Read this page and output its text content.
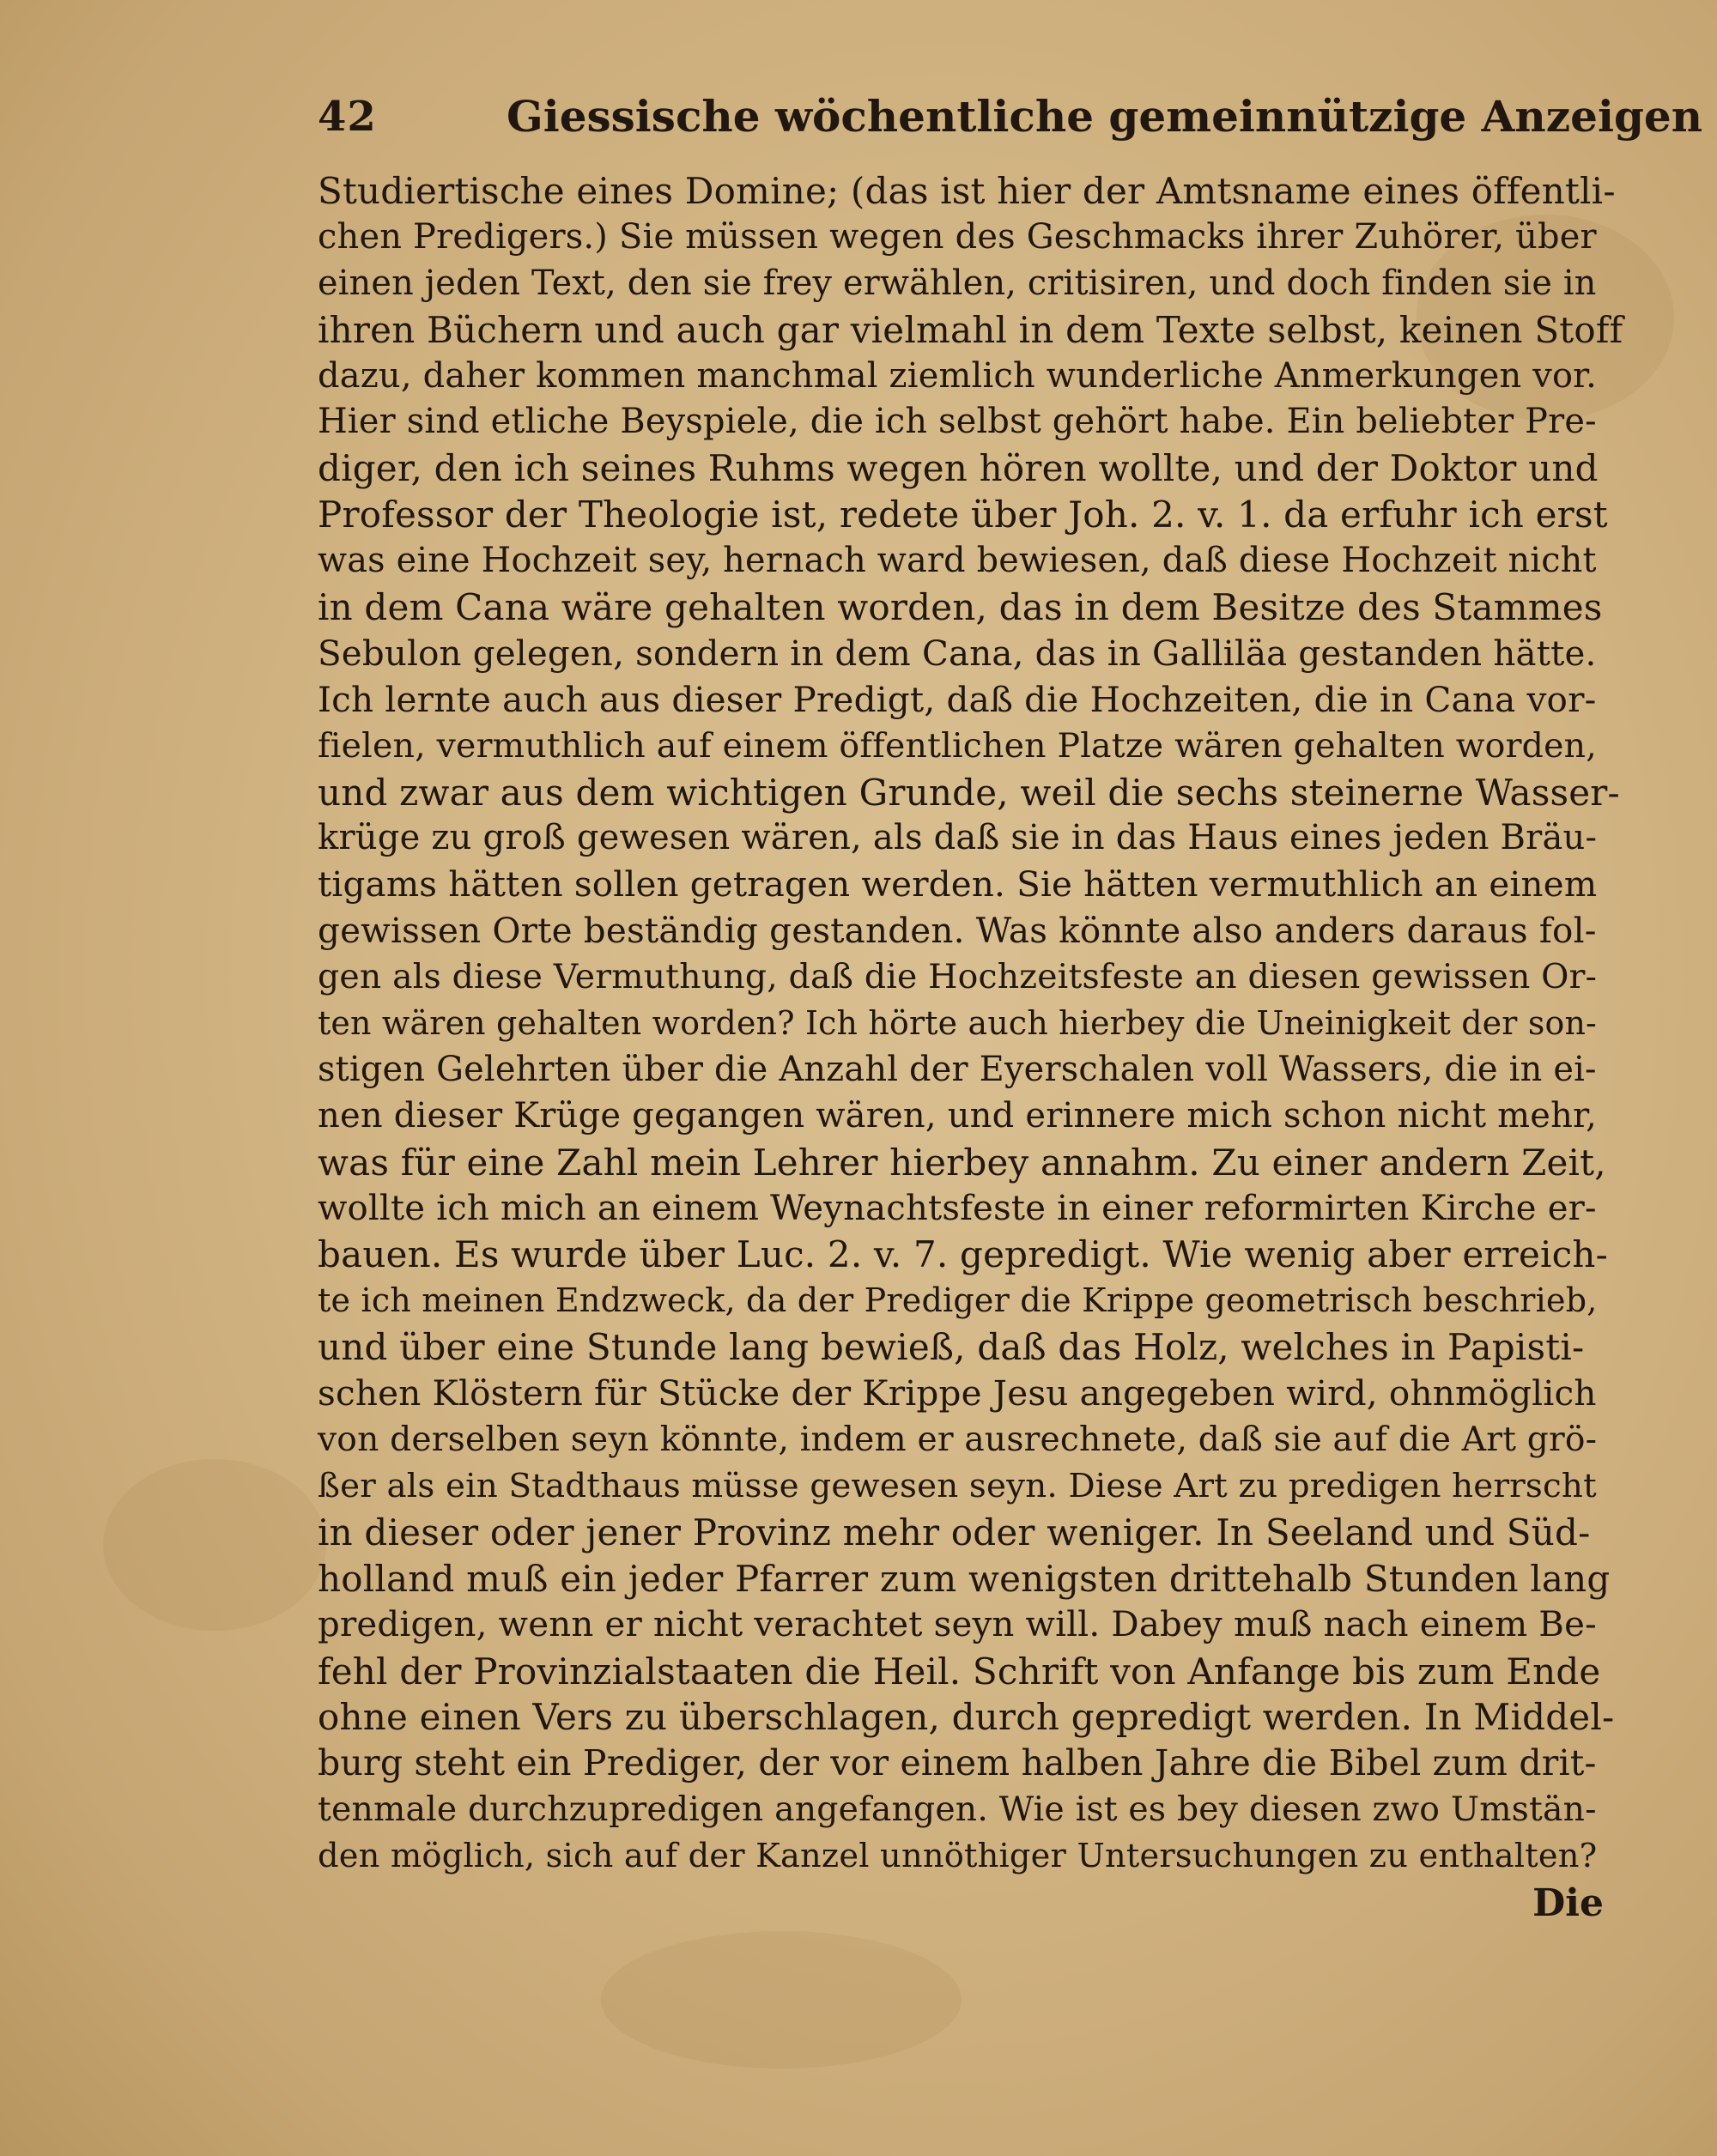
42	Giessische wöchentliche gemeinnützige Anzeigen
Studiertische eines Domine; (das ist hier der Amtsname eines öffentli-
chen Predigers.) Sie müssen wegen des Geschmacks ihrer Zuhörer, über
einen jeden Text, den sie frey erwählen, critisiren, und doch finden sie in
ihren Büchern und auch gar vielmahl in dem Texte selbst, keinen Stoff
dazu, daher kommen manchmal ziemlich wunderliche Anmerkungen vor.
Hier sind etliche Beyspiele, die ich selbst gehört habe. Ein beliebter Pre-
diger, den ich seines Ruhms wegen hören wollte, und der Doktor und
Professor der Theologie ist, redete über Joh. 2. v. 1. da erfuhr ich erst
was eine Hochzeit sey, hernach ward bewiesen, daß diese Hochzeit nicht
in dem Cana wäre gehalten worden, das in dem Besitze des Stammes
Sebulon gelegen, sondern in dem Cana, das in Galliläa gestanden hätte.
Ich lernte auch aus dieser Predigt, daß die Hochzeiten, die in Cana vor-
fielen, vermuthlich auf einem öffentlichen Platze wären gehalten worden,
und zwar aus dem wichtigen Grunde, weil die sechs steinerne Wasser-
krüge zu groß gewesen wären, als daß sie in das Haus eines jeden Bräu-
tigams hätten sollen getragen werden. Sie hätten vermuthlich an einem
gewissen Orte beständig gestanden. Was könnte also anders daraus fol-
gen als diese Vermuthung, daß die Hochzeitsfeste an diesen gewissen Or-
ten wären gehalten worden? Ich hörte auch hierbey die Uneinigkeit der son-
stigen Gelehrten über die Anzahl der Eyerschalen voll Wassers, die in ei-
nen dieser Krüge gegangen wären, und erinnere mich schon nicht mehr,
was für eine Zahl mein Lehrer hierbey annahm. Zu einer andern Zeit,
wollte ich mich an einem Weynachtsfeste in einer reformirten Kirche er-
bauen. Es wurde über Luc. 2. v. 7. gepredigt. Wie wenig aber erreich-
te ich meinen Endzweck, da der Prediger die Krippe geometrisch beschrieb,
und über eine Stunde lang bewieß, daß das Holz, welches in Papisti-
schen Klöstern für Stücke der Krippe Jesu angegeben wird, ohnmöglich
von derselben seyn könnte, indem er ausrechnete, daß sie auf die Art grö-
ßer als ein Stadthaus müsse gewesen seyn. Diese Art zu predigen herrscht
in dieser oder jener Provinz mehr oder weniger. In Seeland und Süd-
holland muß ein jeder Pfarrer zum wenigsten drittehalb Stunden lang
predigen, wenn er nicht verachtet seyn will. Dabey muß nach einem Be-
fehl der Provinzialstaaten die Heil. Schrift von Anfange bis zum Ende
ohne einen Vers zu überschlagen, durch gepredigt werden. In Middel-
burg steht ein Prediger, der vor einem halben Jahre die Bibel zum drit-
tenmale durchzupredigen angefangen. Wie ist es bey diesen zwo Umstän-
den möglich, sich auf der Kanzel unnöthiger Untersuchungen zu enthalten?
Die
